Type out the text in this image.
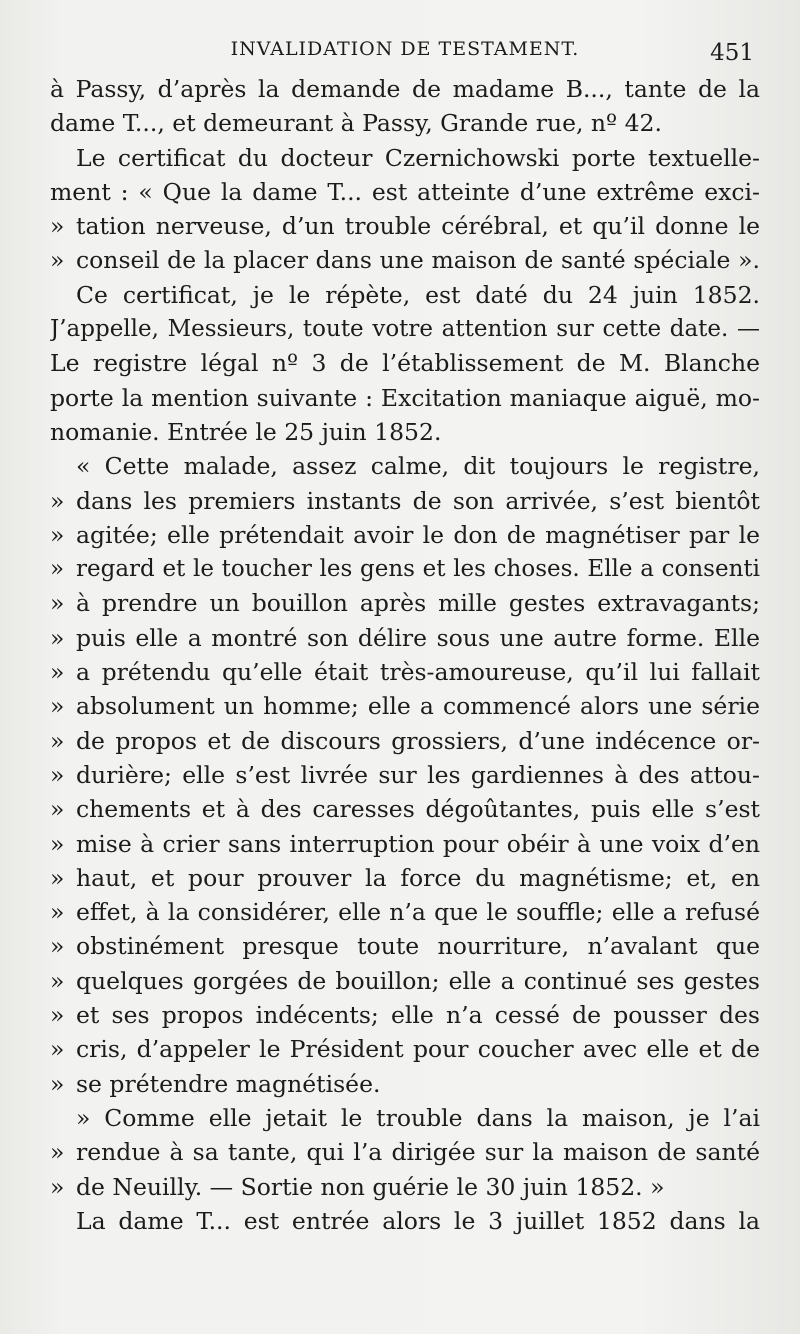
INVALIDATION DE TESTAMENT.	451
à Passy, d’après la demande de madame B..., tante de la
dame T..., et demeurant à Passy, Grande rue, nº 42.
Le certificat du docteur Czernichowski porte textuelle-
ment : « Que la dame T... est atteinte d’une extrême exci-
» tation nerveuse, d’un trouble cérébral, et qu’il donne le
» conseil de la placer dans une maison de santé spéciale ».
Ce certificat, je le répète, est daté du 24 juin 1852.
J’appelle, Messieurs, toute votre attention sur cette date. —
Le registre légal nº 3 de l’établissement de M. Blanche
porte la mention suivante : Excitation maniaque aiguë, mo-
nomanie. Entrée le 25 juin 1852.
« Cette malade, assez calme, dit toujours le registre,
» dans les premiers instants de son arrivée, s’est bientôt
» agitée; elle prétendait avoir le don de magnétiser par le
» regard et le toucher les gens et les choses. Elle a consenti
» à prendre un bouillon après mille gestes extravagants;
» puis elle a montré son délire sous une autre forme. Elle
» a prétendu qu’elle était très-amoureuse, qu’il lui fallait
» absolument un homme; elle a commencé alors une série
» de propos et de discours grossiers, d’une indécence or-
» durière; elle s’est livrée sur les gardiennes à des attou-
» chements et à des caresses dégoûtantes, puis elle s’est
» mise à crier sans interruption pour obéir à une voix d’en
» haut, et pour prouver la force du magnétisme; et, en
» effet, à la considérer, elle n’a que le souffle; elle a refusé
» obstinément presque toute nourriture, n’avalant que
» quelques gorgées de bouillon; elle a continué ses gestes
» et ses propos indécents; elle n’a cessé de pousser des
» cris, d’appeler le Président pour coucher avec elle et de
» se prétendre magnétisée.
» Comme elle jetait le trouble dans la maison, je l’ai
» rendue à sa tante, qui l’a dirigée sur la maison de santé
» de Neuilly. — Sortie non guérie le 30 juin 1852. »
La dame T... est entrée alors le 3 juillet 1852 dans la
